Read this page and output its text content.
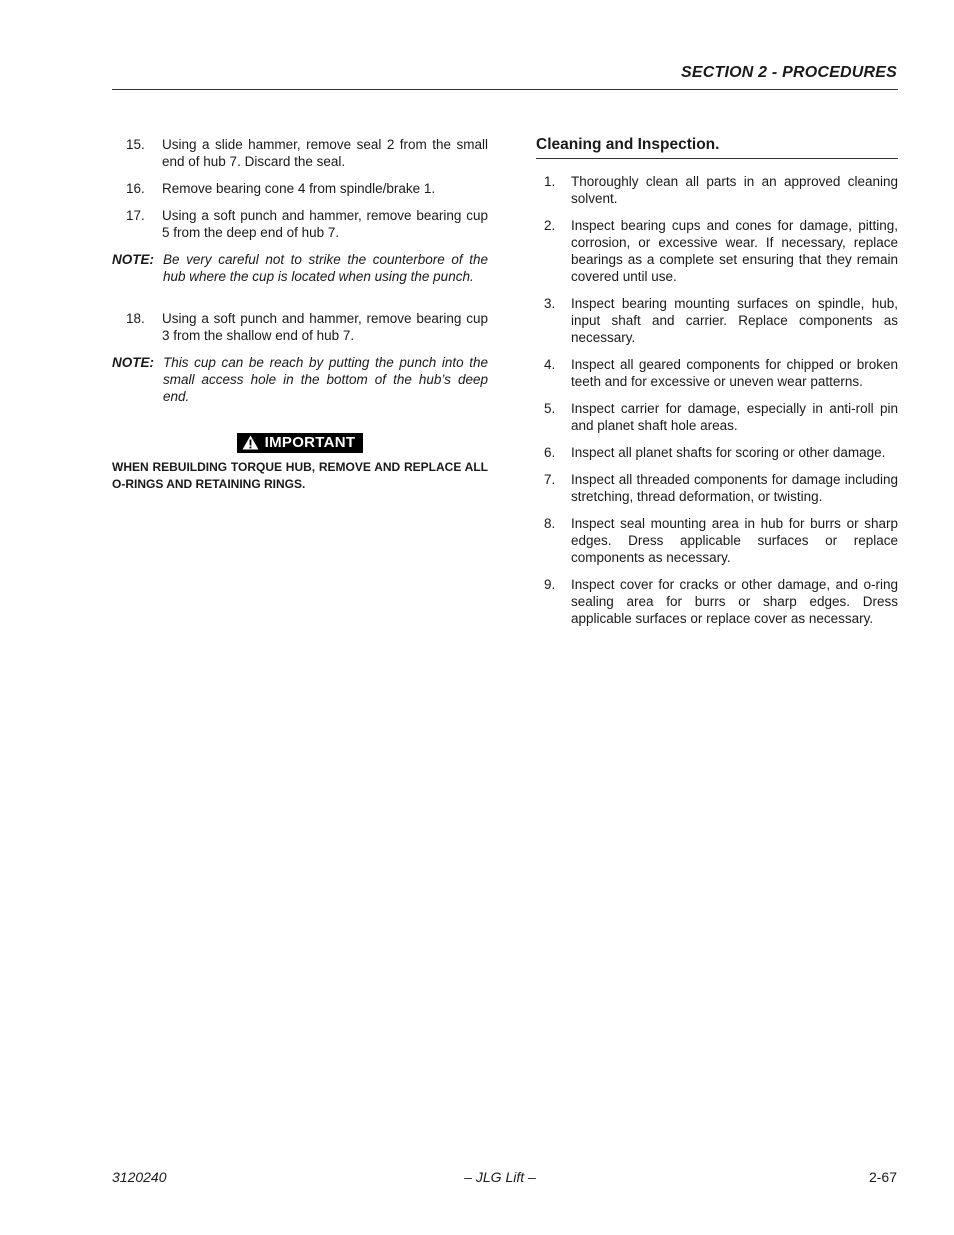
SECTION 2 - PROCEDURES
15.	Using a slide hammer, remove seal 2 from the small end of hub 7. Discard the seal.
16.	Remove bearing cone 4 from spindle/brake 1.
17.	Using a soft punch and hammer, remove bearing cup 5 from the deep end of hub 7.
NOTE: Be very careful not to strike the counterbore of the hub where the cup is located when using the punch.
18.	Using a soft punch and hammer, remove bearing cup 3 from the shallow end of hub 7.
NOTE: This cup can be reach by putting the punch into the small access hole in the bottom of the hub’s deep end.
IMPORTANT
WHEN REBUILDING TORQUE HUB, REMOVE AND REPLACE ALL O-RINGS AND RETAINING RINGS.
Cleaning and Inspection.
1.	Thoroughly clean all parts in an approved cleaning solvent.
2.	Inspect bearing cups and cones for damage, pitting, corrosion, or excessive wear. If necessary, replace bearings as a complete set ensuring that they remain covered until use.
3.	Inspect bearing mounting surfaces on spindle, hub, input shaft and carrier. Replace components as necessary.
4.	Inspect all geared components for chipped or broken teeth and for excessive or uneven wear patterns.
5.	Inspect carrier for damage, especially in anti-roll pin and planet shaft hole areas.
6.	Inspect all planet shafts for scoring or other damage.
7.	Inspect all threaded components for damage including stretching, thread deformation, or twisting.
8.	Inspect seal mounting area in hub for burrs or sharp edges. Dress applicable surfaces or replace components as necessary.
9.	Inspect cover for cracks or other damage, and o-ring sealing area for burrs or sharp edges. Dress applicable surfaces or replace cover as necessary.
3120240	– JLG Lift –	2-67
